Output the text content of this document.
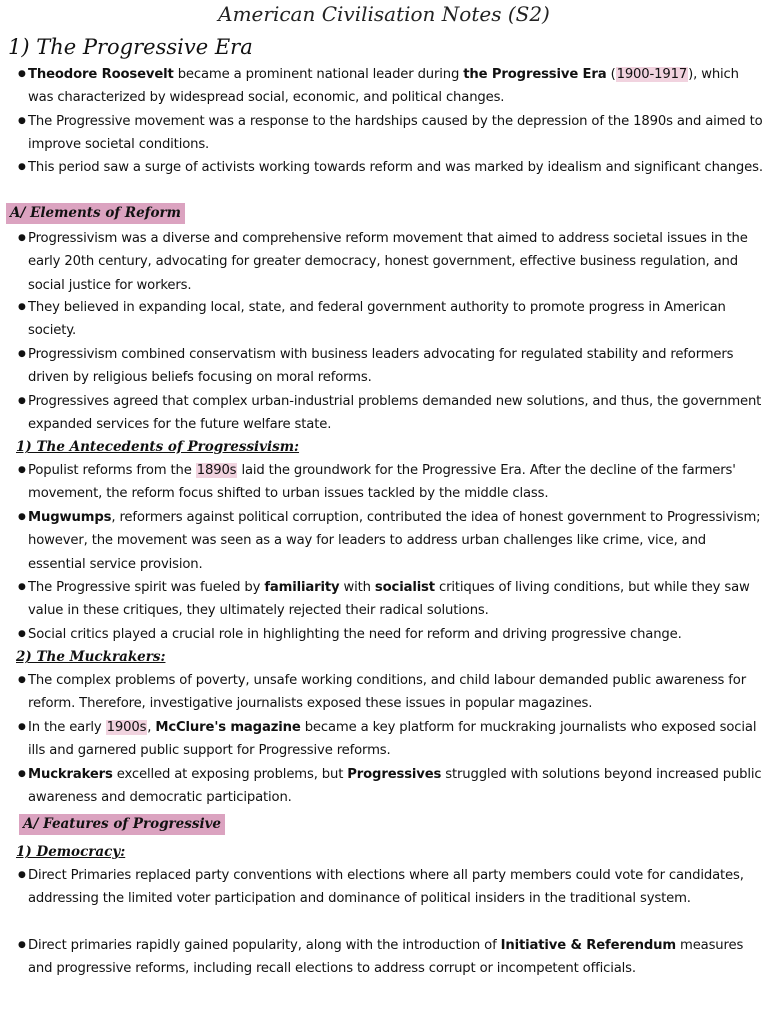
American Civilisation Notes (S2)
1) The Progressive Era
● Theodore Roosevelt became a prominent national leader during the Progressive Era (1900-1917), which was characterized by widespread social, economic, and political changes.
● The Progressive movement was a response to the hardships caused by the depression of the 1890s and aimed to improve societal conditions.
● This period saw a surge of activists working towards reform and was marked by idealism and significant changes.
A/ Elements of Reform
● Progressivism was a diverse and comprehensive reform movement that aimed to address societal issues in the early 20th century, advocating for greater democracy, honest government, effective business regulation, and social justice for workers.
● They believed in expanding local, state, and federal government authority to promote progress in American society.
● Progressivism combined conservatism with business leaders advocating for regulated stability and reformers driven by religious beliefs focusing on moral reforms.
● Progressives agreed that complex urban-industrial problems demanded new solutions, and thus, the government expanded services for the future welfare state.
1) The Antecedents of Progressivism:
● Populist reforms from the 1890s laid the groundwork for the Progressive Era. After the decline of the farmers' movement, the reform focus shifted to urban issues tackled by the middle class.
● Mugwumps, reformers against political corruption, contributed the idea of honest government to Progressivism; however, the movement was seen as a way for leaders to address urban challenges like crime, vice, and essential service provision.
● The Progressive spirit was fueled by familiarity with socialist critiques of living conditions, but while they saw value in these critiques, they ultimately rejected their radical solutions.
● Social critics played a crucial role in highlighting the need for reform and driving progressive change.
2) The Muckrakers:
● The complex problems of poverty, unsafe working conditions, and child labour demanded public awareness for reform. Therefore, investigative journalists exposed these issues in popular magazines.
● In the early 1900s, McClure's magazine became a key platform for muckraking journalists who exposed social ills and garnered public support for Progressive reforms.
● Muckrakers excelled at exposing problems, but Progressives struggled with solutions beyond increased public awareness and democratic participation.
A/ Features of Progressive
1) Democracy:
● Direct Primaries replaced party conventions with elections where all party members could vote for candidates, addressing the limited voter participation and dominance of political insiders in the traditional system.
● Direct primaries rapidly gained popularity, along with the introduction of Initiative & Referendum measures and progressive reforms, including recall elections to address corrupt or incompetent officials.
